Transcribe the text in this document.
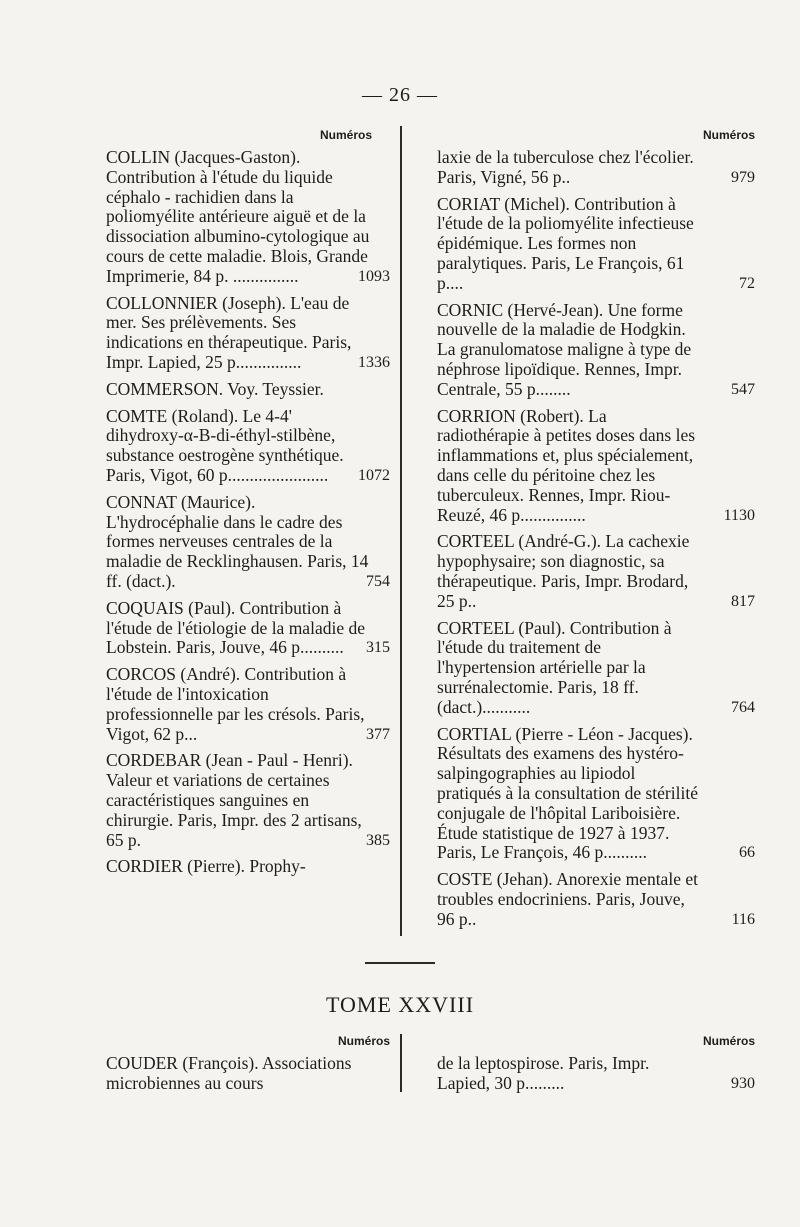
— 26 —
Numéros
COLLIN (Jacques-Gaston). Contribution à l'étude du liquide céphalo - rachidien dans la poliomyélite antérieure aiguë et de la dissociation albumino-cytologique au cours de cette maladie. Blois, Grande Imprimerie, 84 p. ...............	1093
COLLONNIER (Joseph). L'eau de mer. Ses prélèvements. Ses indications en thérapeutique. Paris, Impr. Lapied, 25 p...............	1336
COMMERSON. Voy. Teyssier.
COMTE (Roland). Le 4-4' dihydroxy-α-B-di-éthyl-stilbène, substance oestrogène synthétique. Paris, Vigot, 60 p.......................	1072
CONNAT (Maurice). L'hydrocéphalie dans le cadre des formes nerveuses centrales de la maladie de Recklinghausen. Paris, 14 ff. (dact.).	754
COQUAIS (Paul). Contribution à l'étude de l'étiologie de la maladie de Lobstein. Paris, Jouve, 46 p..........	315
CORCOS (André). Contribution à l'étude de l'intoxication professionnelle par les crésols. Paris, Vigot, 62 p...	377
CORDEBAR (Jean - Paul - Henri). Valeur et variations de certaines caractéristiques sanguines en chirurgie. Paris, Impr. des 2 artisans, 65 p.	385
CORDIER (Pierre). Prophy-
Numéros
laxie de la tuberculose chez l'écolier. Paris, Vigné, 56 p..	979
CORIAT (Michel). Contribution à l'étude de la poliomyélite infectieuse épidémique. Les formes non paralytiques. Paris, Le François, 61 p....	72
CORNIC (Hervé-Jean). Une forme nouvelle de la maladie de Hodgkin. La granulomatose maligne à type de néphrose lipoïdique. Rennes, Impr. Centrale, 55 p........	547
CORRION (Robert). La radiothérapie à petites doses dans les inflammations et, plus spécialement, dans celle du péritoine chez les tuberculeux. Rennes, Impr. Riou-Reuzé, 46 p...............	1130
CORTEEL (André-G.). La cachexie hypophysaire; son diagnostic, sa thérapeutique. Paris, Impr. Brodard, 25 p..	817
CORTEEL (Paul). Contribution à l'étude du traitement de l'hypertension artérielle par la surrénalectomie. Paris, 18 ff. (dact.)...........	764
CORTIAL (Pierre - Léon - Jacques). Résultats des examens des hystéro-salpingographies au lipiodol pratiqués à la consultation de stérilité conjugale de l'hôpital Lariboisière. Étude statistique de 1927 à 1937. Paris, Le François, 46 p..........	66
COSTE (Jehan). Anorexie mentale et troubles endocriniens. Paris, Jouve, 96 p..	116
TOME XXVIII
Numéros
COUDER (François). Associations microbiennes au cours
Numéros
de la leptospirose. Paris, Impr. Lapied, 30 p.........	930
